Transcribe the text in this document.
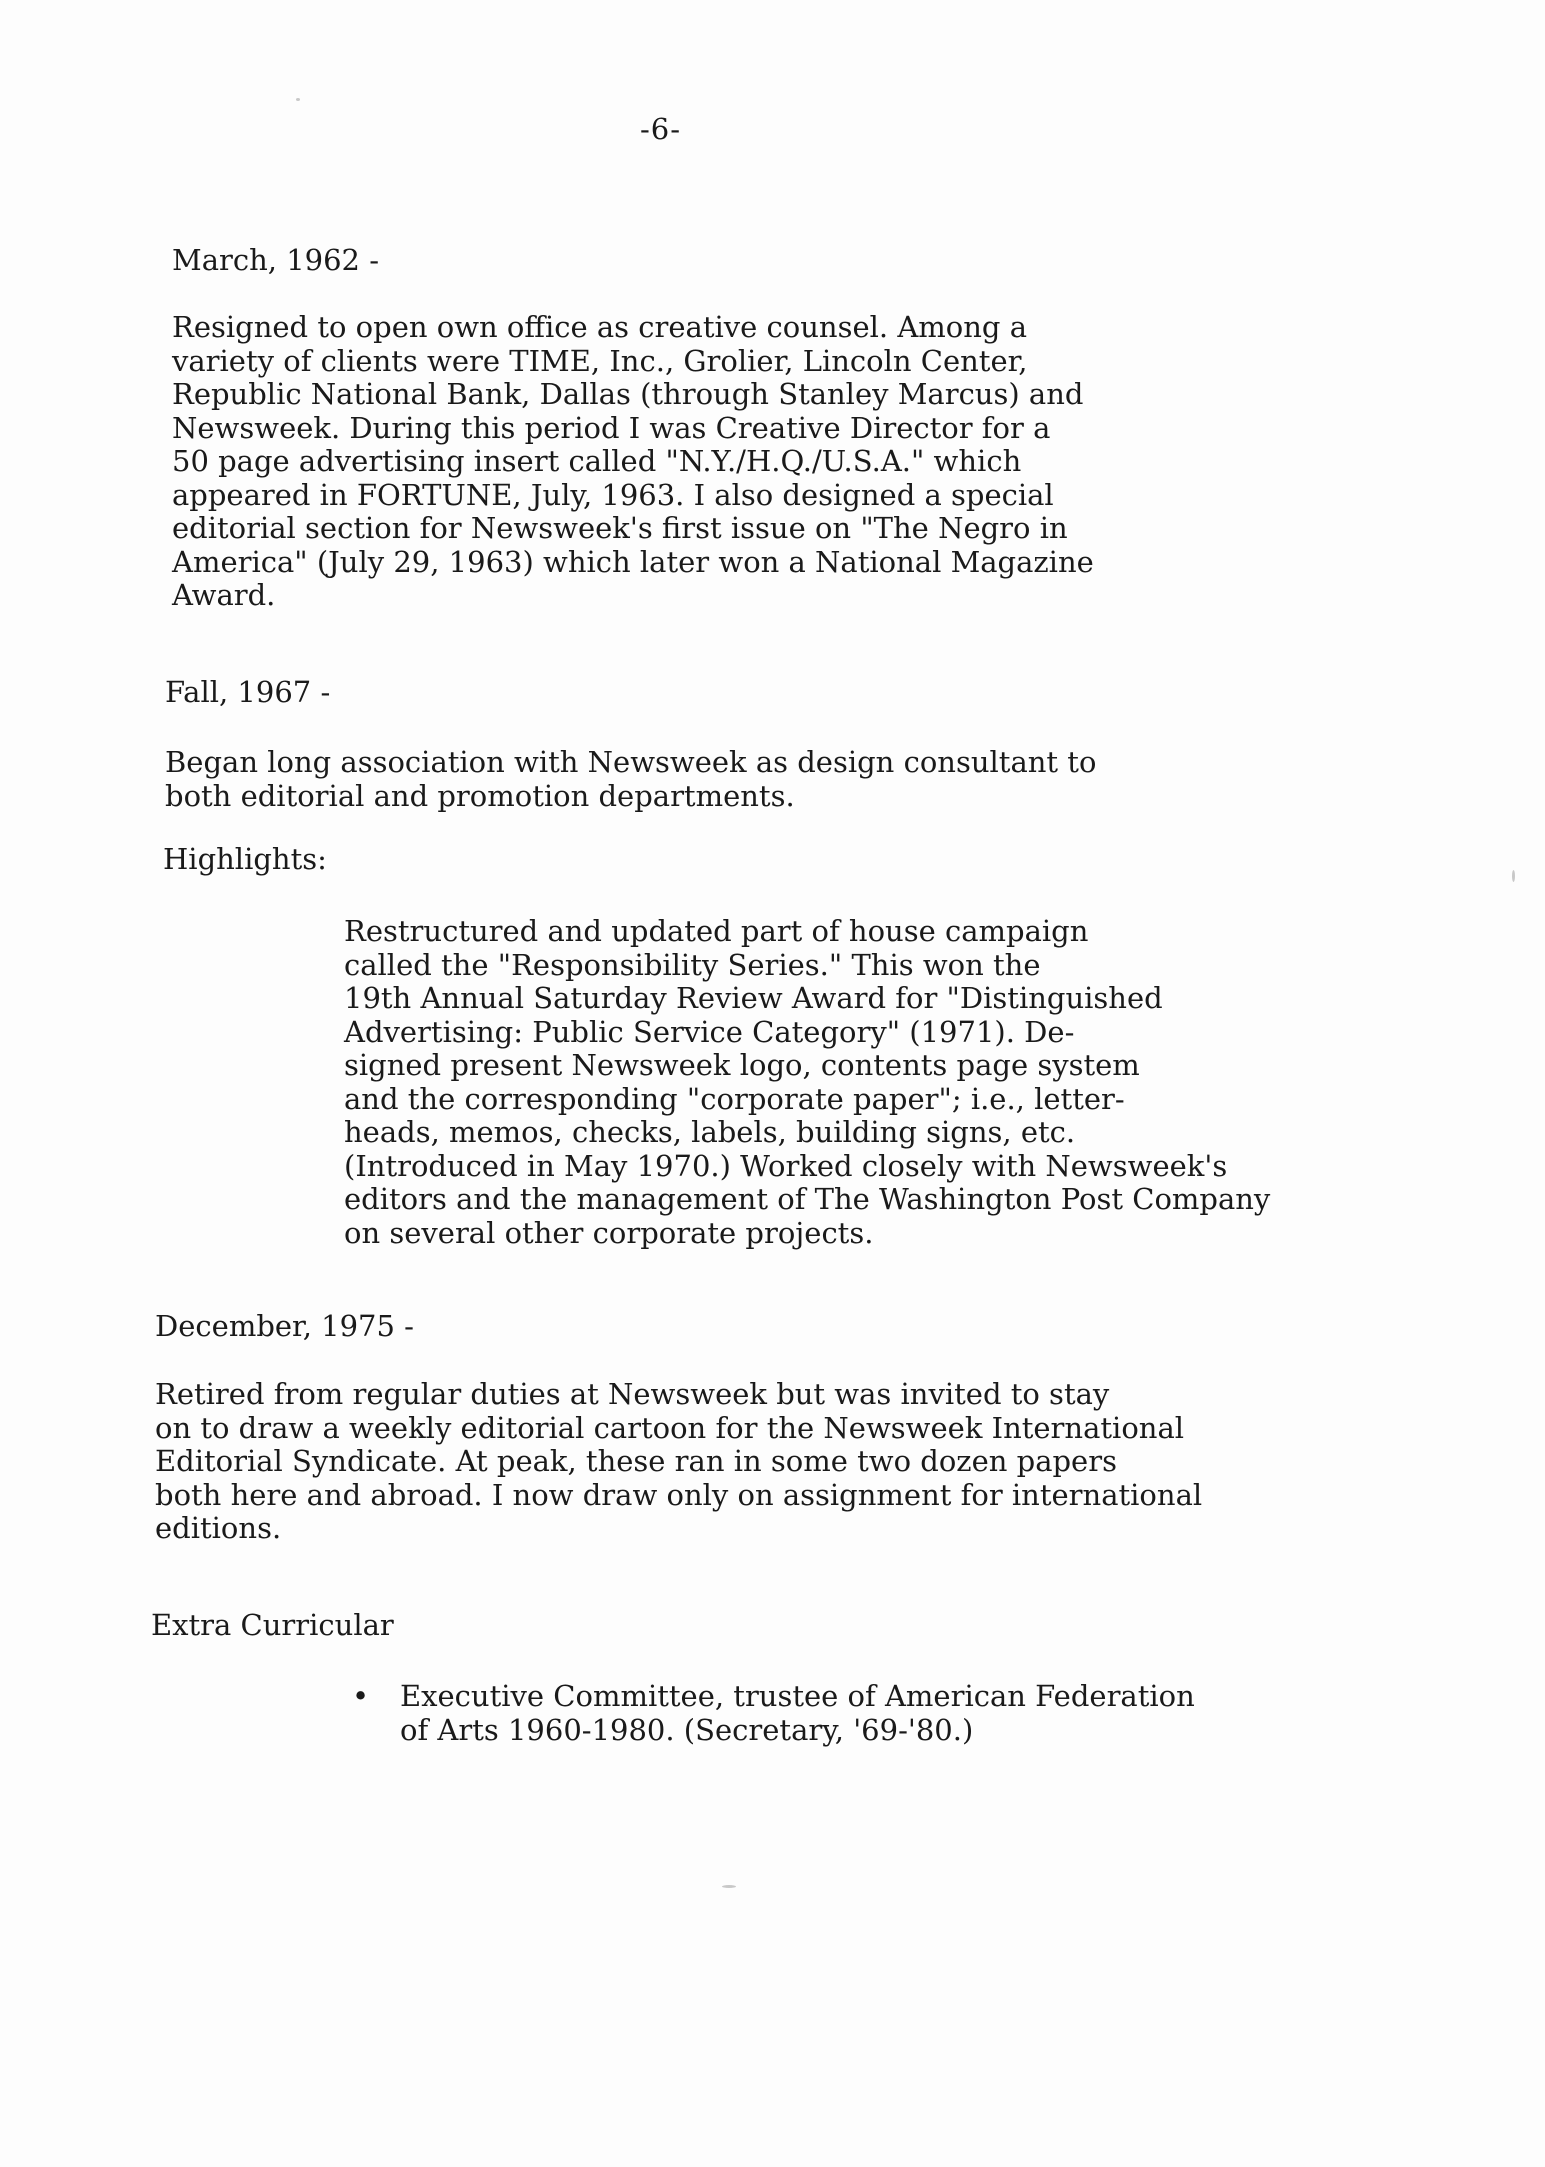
-6-
March, 1962 -
Resigned to open own office as creative counsel. Among a
variety of clients were TIME, Inc., Grolier, Lincoln Center,
Republic National Bank, Dallas (through Stanley Marcus) and
Newsweek. During this period I was Creative Director for a
50 page advertising insert called "N.Y./H.Q./U.S.A." which
appeared in FORTUNE, July, 1963. I also designed a special
editorial section for Newsweek's first issue on "The Negro in
America" (July 29, 1963) which later won a National Magazine
Award.
Fall, 1967 -
Began long association with Newsweek as design consultant to
both editorial and promotion departments.
Highlights:
Restructured and updated part of house campaign
called the "Responsibility Series." This won the
19th Annual Saturday Review Award for "Distinguished
Advertising: Public Service Category" (1971). De-
signed present Newsweek logo, contents page system
and the corresponding "corporate paper"; i.e., letter-
heads, memos, checks, labels, building signs, etc.
(Introduced in May 1970.) Worked closely with Newsweek's
editors and the management of The Washington Post Company
on several other corporate projects.
December, 1975 -
Retired from regular duties at Newsweek but was invited to stay
on to draw a weekly editorial cartoon for the Newsweek International
Editorial Syndicate. At peak, these ran in some two dozen papers
both here and abroad. I now draw only on assignment for international
editions.
Extra Curricular
• Executive Committee, trustee of American Federation
of Arts 1960-1980. (Secretary, '69-'80.)
